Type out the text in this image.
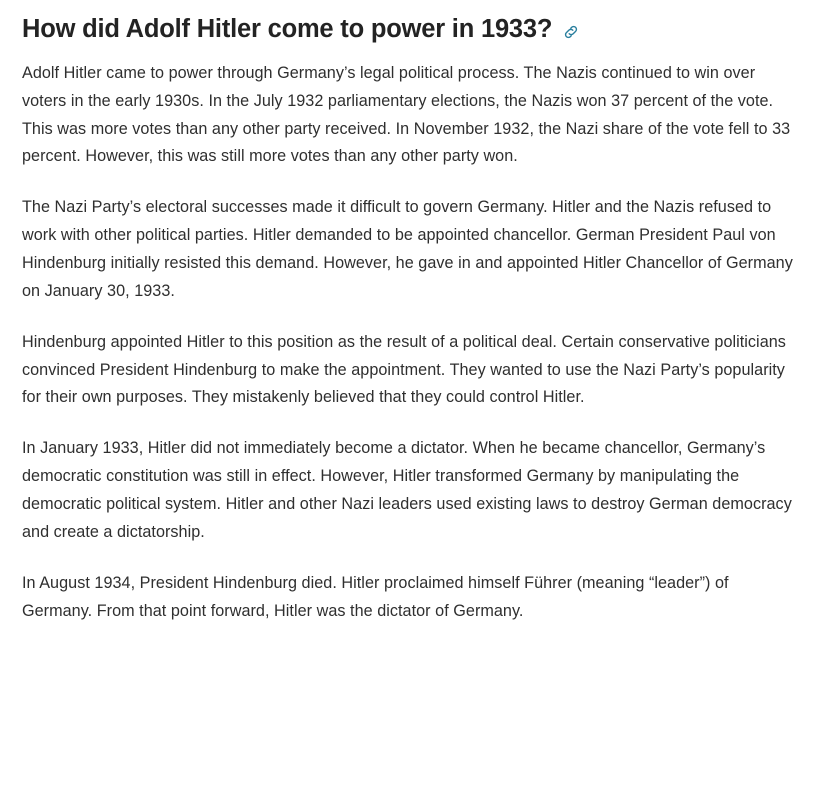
How did Adolf Hitler come to power in 1933?

Adolf Hitler came to power through Germany’s legal political process. The Nazis continued to win over voters in the early 1930s. In the July 1932 parliamentary elections, the Nazis won 37 percent of the vote. This was more votes than any other party received. In November 1932, the Nazi share of the vote fell to 33 percent. However, this was still more votes than any other party won.

The Nazi Party’s electoral successes made it difficult to govern Germany. Hitler and the Nazis refused to work with other political parties. Hitler demanded to be appointed chancellor. German President Paul von Hindenburg initially resisted this demand. However, he gave in and appointed Hitler Chancellor of Germany on January 30, 1933.

Hindenburg appointed Hitler to this position as the result of a political deal. Certain conservative politicians convinced President Hindenburg to make the appointment. They wanted to use the Nazi Party’s popularity for their own purposes. They mistakenly believed that they could control Hitler.

In January 1933, Hitler did not immediately become a dictator. When he became chancellor, Germany’s democratic constitution was still in effect. However, Hitler transformed Germany by manipulating the democratic political system. Hitler and other Nazi leaders used existing laws to destroy German democracy and create a dictatorship.

In August 1934, President Hindenburg died. Hitler proclaimed himself Führer (meaning “leader”) of Germany. From that point forward, Hitler was the dictator of Germany.
